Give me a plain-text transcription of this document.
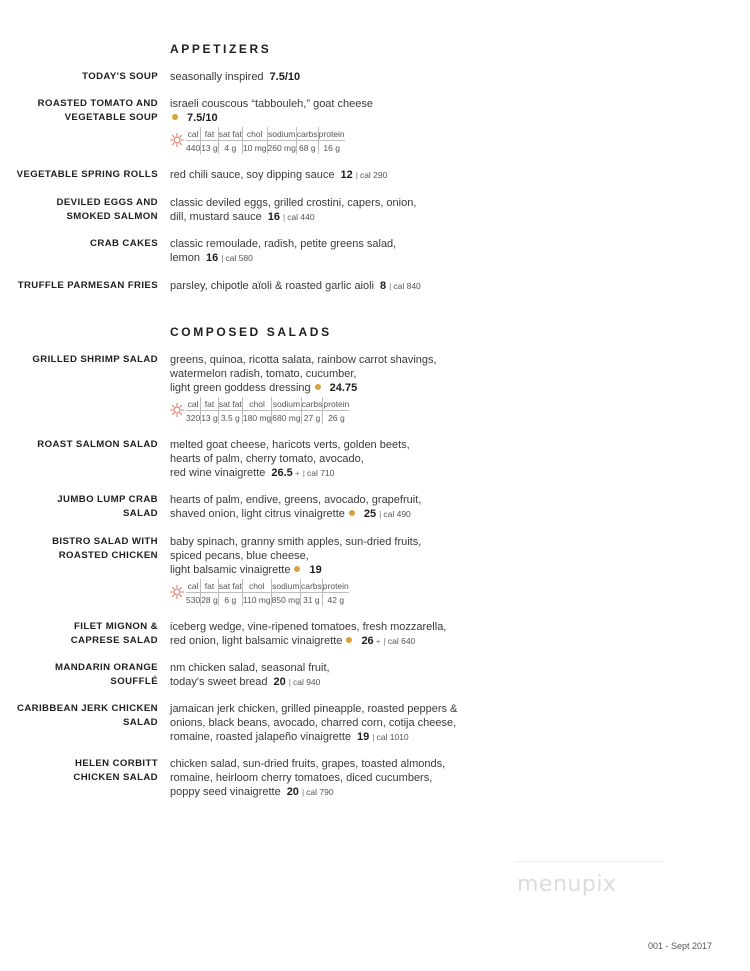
APPETIZERS
TODAY'S SOUP seasonally inspired 7.5/10
ROASTED TOMATO AND
VEGETABLE SOUP
israeli couscous “tabbouleh,” goat cheese
7.5/10
cal	fat	sat fat	chol	sodium	carbs	protein
440	13 g	4 g	10 mg	260 mg	68 g	16 g
VEGETABLE SPRING ROLLS red chili sauce, soy dipping sauce 12 | cal 290
DEVILED EGGS AND
SMOKED SALMON
classic deviled eggs, grilled crostini, capers, onion,
dill, mustard sauce 16 | cal 440
CRAB CAKES classic remoulade, radish, petite greens salad,
lemon 16 | cal 580
TRUFFLE PARMESAN FRIES parsley, chipotle aïoli & roasted garlic aioli 8 | cal 840
COMPOSED SALADS
GRILLED SHRIMP SALAD greens, quinoa, ricotta salata, rainbow carrot shavings,
watermelon radish, tomato, cucumber,
light green goddess dressing 24.75
cal	fat	sat fat	chol	sodium	carbs	protein
320	13 g	3.5 g	180 mg	680 mg	27 g	26 g
ROAST SALMON SALAD melted goat cheese, haricots verts, golden beets,
hearts of palm, cherry tomato, avocado,
red wine vinaigrette 26.5 + | cal 710
JUMBO LUMP CRAB
SALAD
hearts of palm, endive, greens, avocado, grapefruit,
shaved onion, light citrus vinaigrette 25 | cal 490
BISTRO SALAD WITH
ROASTED CHICKEN
baby spinach, granny smith apples, sun-dried fruits,
spiced pecans, blue cheese,
light balsamic vinaigrette 19
cal	fat	sat fat	chol	sodium	carbs	protein
530	28 g	6 g	110 mg	850 mg	31 g	42 g
FILET MIGNON &
CAPRESE SALAD
iceberg wedge, vine-ripened tomatoes, fresh mozzarella,
red onion, light balsamic vinaigrette 26 + | cal 640
MANDARIN ORANGE
SOUFFLÉ
nm chicken salad, seasonal fruit,
today's sweet bread 20 | cal 940
CARIBBEAN JERK CHICKEN
SALAD
jamaican jerk chicken, grilled pineapple, roasted peppers &
onions, black beans, avocado, charred corn, cotija cheese,
romaine, roasted jalapeño vinaigrette 19 | cal 1010
HELEN CORBITT
CHICKEN SALAD
chicken salad, sun-dried fruits, grapes, toasted almonds,
romaine, heirloom cherry tomatoes, diced cucumbers,
poppy seed vinaigrette 20 | cal 790
menupix
001 - Sept 2017
